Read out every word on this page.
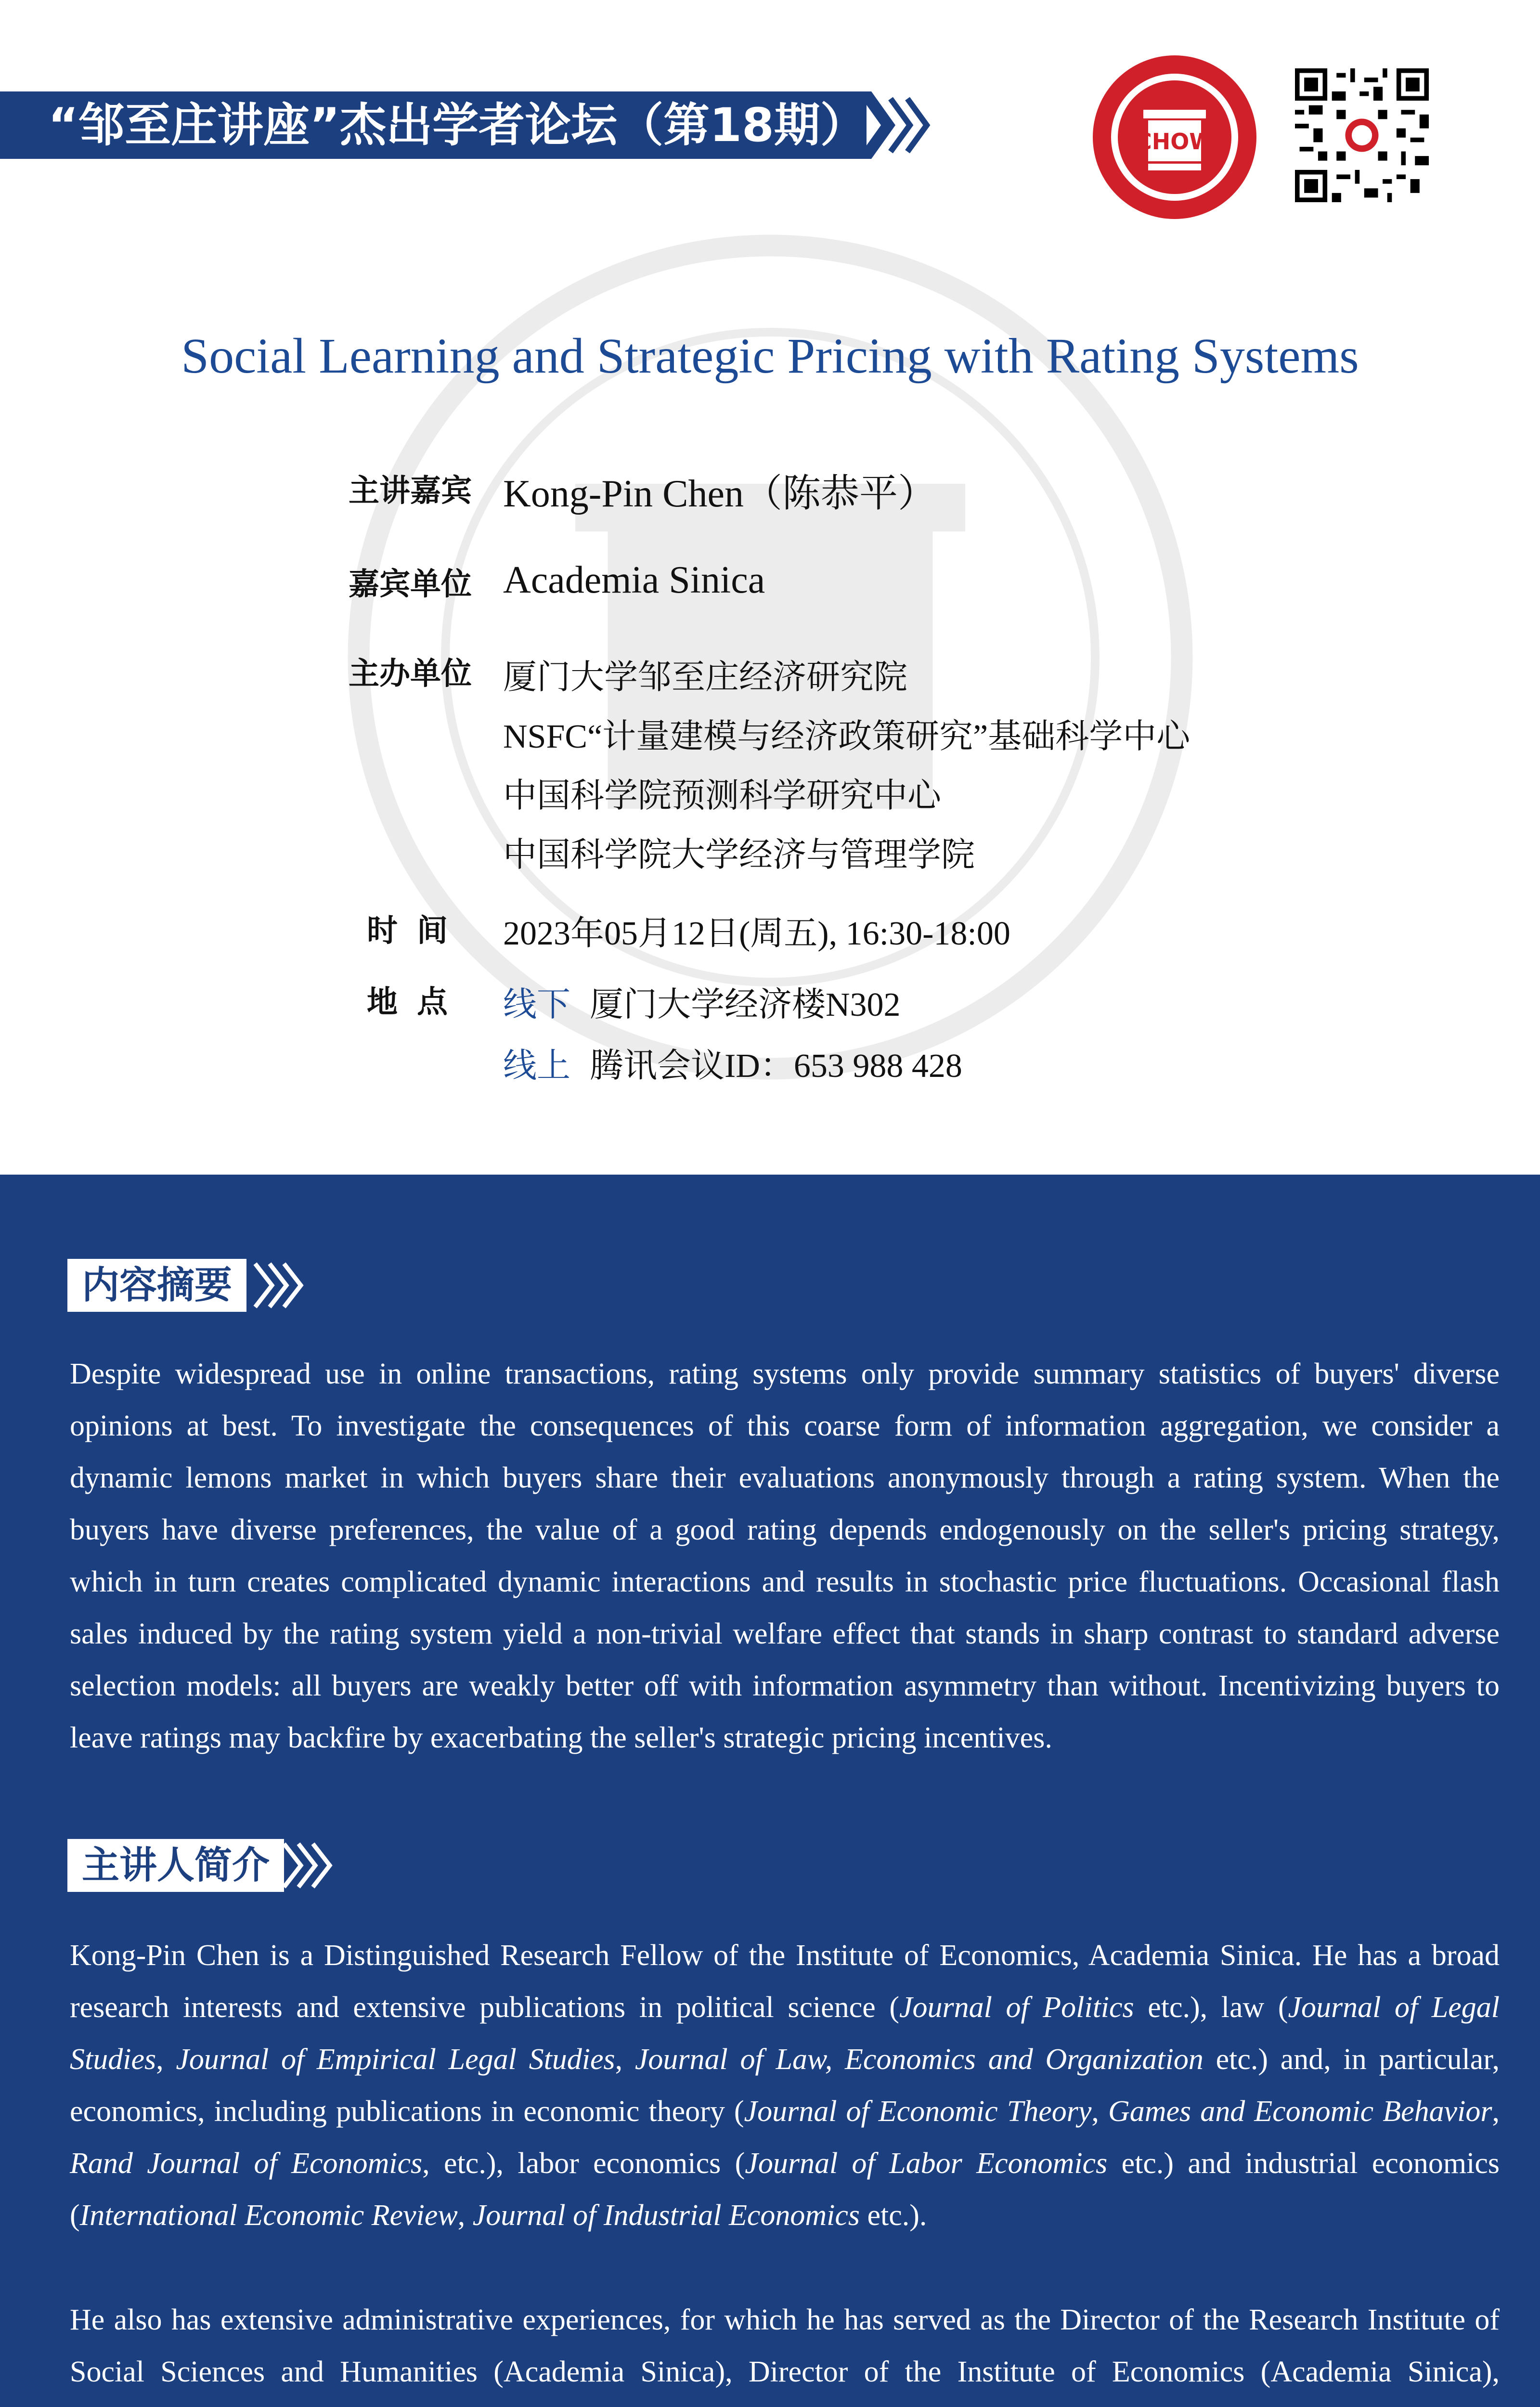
“邹至庄讲座”杰出学者论坛（第18期）	CHOW
Social Learning and Strategic Pricing with Rating Systems
主讲嘉宾 Kong-Pin Chen（陈恭平）
嘉宾单位 Academia Sinica
主办单位 厦门大学邹至庄经济研究院
NSFC“计量建模与经济政策研究”基础科学中心
中国科学院预测科学研究中心
中国科学院大学经济与管理学院
时间 2023年05月12日(周五), 16:30-18:00
地点 线下 厦门大学经济楼N302
线上 腾讯会议ID：653 988 428
内容摘要

Despite widespread use in online transactions, rating systems only provide summary statistics of buyers' diverse opinions at best. To investigate the consequences of this coarse form of information aggregation, we consider a dynamic lemons market in which buyers share their evaluations anonymously through a rating system. When the buyers have diverse preferences, the value of a good rating depends endogenously on the seller's pricing strategy, which in turn creates complicated dynamic interactions and results in stochastic price fluctuations. Occasional flash sales induced by the rating system yield a non-trivial welfare effect that stands in sharp contrast to standard adverse selection models: all buyers are weakly better off with information asymmetry than without. Incentivizing buyers to leave ratings may backfire by exacerbating the seller's strategic pricing incentives.

主讲人简介

Kong-Pin Chen is a Distinguished Research Fellow of the Institute of Economics, Academia Sinica. He has a broad research interests and extensive publications in political science (Journal of Politics etc.), law (Journal of Legal Studies, Journal of Empirical Legal Studies, Journal of Law, Economics and Organization etc.) and, in particular, economics, including publications in economic theory (Journal of Economic Theory, Games and Economic Behavior, Rand Journal of Economics, etc.), labor economics (Journal of Labor Economics etc.) and industrial economics (International Economic Review, Journal of Industrial Economics etc.).

He also has extensive administrative experiences, for which he has served as the Director of the Research Institute of Social Sciences and Humanities (Academia Sinica), Director of the Institute of Economics (Academia Sinica),
